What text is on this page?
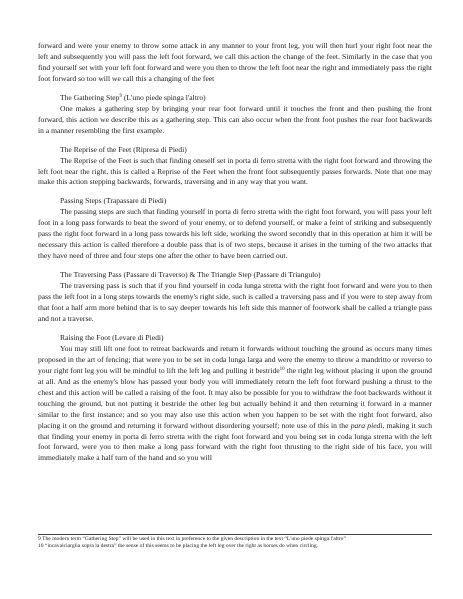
forward and were your enemy to throw some attack in any manner to your front leg, you will then hurl your right foot near the left and subsequently you will pass the left foot forward, we call this action the change of the feet. Similarly in the case that you find yourself set with your left foot forward and were you then to throw the left foot near the right and immediately pass the right foot forward so too will we call this a changing of the feet

The Gathering Step$^9$ (L'uno piede spinga l'altro)

One makes a gathering step by bringing your rear foot forward until it touches the front and then pushing the front forward, this action we describe this as a gathering step. This can also occur when the front foot pushes the rear foot backwards in a manner resembling the first example.

The Reprise of the Feet (Ripresa di Piedi)

The Reprise of the Feet is such that finding oneself set in porta di ferro stretta with the right foot forward and throwing the left foot near the right, this is called a Reprise of the Feet when the front foot subsequently passes forwards. Note that one may make this action stepping backwards, forwards, traversing and in any way that you want.

Passing Steps (Trapassare di Piedi)

The passing steps are such that finding yourself in porta di ferro stretta with the right foot forward, you will pass your left foot in a long pass forwards to beat the sword of your enemy, or to defend yourself, or make a feint of striking and subsequently pass the right foot forward in a long pass towards his left side, working the sword secondly that in this operation at him it will be necessary this action is called therefore a double pass that is of two steps, because it arises in the turning of the two attacks that they have need of three and four steps one after the other to have been carried out.

The Traversing Pass (Passare di Traverso) & The Triangle Step (Passare di Triangulo)

The traversing pass is such that if you find yourself in coda lunga stretta with the right foot forward and were you to then pass the left foot in a long steps towards the enemy's right side, such is called a traversing pass and if you were to step away from that foot a half arm more behind that is to say deeper towards his left side this manner of footwork shall be called a triangle pass and not a traverse.

Raising the Foot (Levare di Piedi)

You may still lift one foot to retreat backwards and return it forwards without touching the ground as occurs many times proposed in the art of fencing; that were you to be set in coda lunga larga and were the enemy to throw a mandritto or roverso to your right font leg you will be mindful to lift the left leg and pulling it bestride$^{10}$ the right leg without placing it upon the ground at all. And as the enemy's blow has passed your body you will immediately return the left foot forward pushing a thrust to the chest and this action will be called a raising of the foot. It may also be possible for you to withdraw the foot backwards without it touching the ground, but not putting it bestride the other leg but actually behind it and then returning it forward in a manner similar to the first instance; and so you may also use this action when you happen to be set with the right foot forward, also placing it on the ground and returning it forward without disordering yourself; note use of this in the para piedi, making it such that finding your enemy in porta di ferro stretta with the right foot forward and you being set in coda lunga stretta with the left foot forward, were you to then make a long pass forward with the right foot thrusting to the right side of his face, you will immediately make a half turn of the hand and so you will

9 The modern term “Gathering Step” will be used in this text in preference to the given description in the text “L'uno piede spinga l'altro”
10 “incavalciarglia sopra la destra” the sense of this seems to be placing the left leg over the right as horses do when circling.
